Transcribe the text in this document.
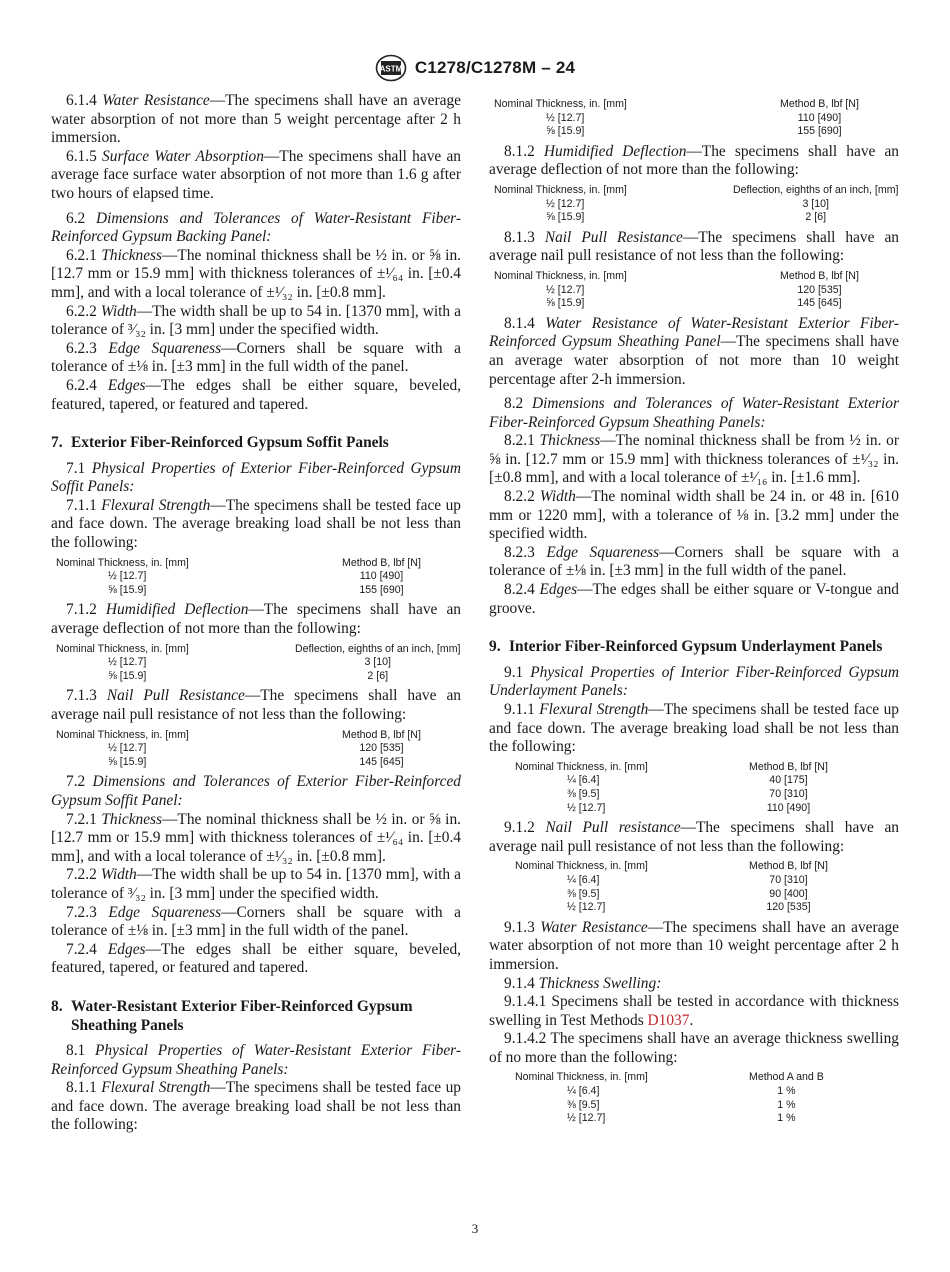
ASTM C1278/C1278M – 24

6.1.4 Water Resistance—The specimens shall have an average water absorption of not more than 5 weight percentage after 2 h immersion.

6.1.5 Surface Water Absorption—The specimens shall have an average face surface water absorption of not more than 1.6 g after two hours of elapsed time.

6.2 Dimensions and Tolerances of Water-Resistant Fiber-Reinforced Gypsum Backing Panel:

6.2.1 Thickness—The nominal thickness shall be ½ in. or ⅝ in. [12.7 mm or 15.9 mm] with thickness tolerances of ±¹⁄₆₄ in. [±0.4 mm], and with a local tolerance of ±¹⁄₃₂ in. [±0.8 mm].

6.2.2 Width—The width shall be up to 54 in. [1370 mm], with a tolerance of ³⁄₃₂ in. [3 mm] under the specified width.

6.2.3 Edge Squareness—Corners shall be square with a tolerance of ±⅛ in. [±3 mm] in the full width of the panel.

6.2.4 Edges—The edges shall be either square, beveled, featured, tapered, or featured and tapered.

7. Exterior Fiber-Reinforced Gypsum Soffit Panels

7.1 Physical Properties of Exterior Fiber-Reinforced Gypsum Soffit Panels:

7.1.1 Flexural Strength—The specimens shall be tested face up and face down. The average breaking load shall be not less than the following:

Nominal Thickness, in. [mm]	Method B, lbf [N]
½ [12.7]	110 [490]
⅝ [15.9]	155 [690]

7.1.2 Humidified Deflection—The specimens shall have an average deflection of not more than the following:

Nominal Thickness, in. [mm]	Deflection, eighths of an inch, [mm]
½ [12.7]	3 [10]
⅝ [15.9]	2 [6]

7.1.3 Nail Pull Resistance—The specimens shall have an average nail pull resistance of not less than the following:

Nominal Thickness, in. [mm]	Method B, lbf [N]
½ [12.7]	120 [535]
⅝ [15.9]	145 [645]

7.2 Dimensions and Tolerances of Exterior Fiber-Reinforced Gypsum Soffit Panel:

7.2.1 Thickness—The nominal thickness shall be ½ in. or ⅝ in. [12.7 mm or 15.9 mm] with thickness tolerances of ±¹⁄₆₄ in. [±0.4 mm], and with a local tolerance of ±¹⁄₃₂ in. [±0.8 mm].

7.2.2 Width—The width shall be up to 54 in. [1370 mm], with a tolerance of ³⁄₃₂ in. [3 mm] under the specified width.

7.2.3 Edge Squareness—Corners shall be square with a tolerance of ±⅛ in. [±3 mm] in the full width of the panel.

7.2.4 Edges—The edges shall be either square, beveled, featured, tapered, or featured and tapered.

8. Water-Resistant Exterior Fiber-Reinforced Gypsum Sheathing Panels

8.1 Physical Properties of Water-Resistant Exterior Fiber-Reinforced Gypsum Sheathing Panels:

8.1.1 Flexural Strength—The specimens shall be tested face up and face down. The average breaking load shall be not less than the following:

Nominal Thickness, in. [mm]	Method B, lbf [N]
½ [12.7]	110 [490]
⅝ [15.9]	155 [690]

8.1.2 Humidified Deflection—The specimens shall have an average deflection of not more than the following:

Nominal Thickness, in. [mm]	Deflection, eighths of an inch, [mm]
½ [12.7]	3 [10]
⅝ [15.9]	2 [6]

8.1.3 Nail Pull Resistance—The specimens shall have an average nail pull resistance of not less than the following:

Nominal Thickness, in. [mm]	Method B, lbf [N]
½ [12.7]	120 [535]
⅝ [15.9]	145 [645]

8.1.4 Water Resistance of Water-Resistant Exterior Fiber-Reinforced Gypsum Sheathing Panel—The specimens shall have an average water absorption of not more than 10 weight percentage after 2-h immersion.

8.2 Dimensions and Tolerances of Water-Resistant Exterior Fiber-Reinforced Gypsum Sheathing Panels:

8.2.1 Thickness—The nominal thickness shall be from ½ in. or ⅝ in. [12.7 mm or 15.9 mm] with thickness tolerances of ±¹⁄₃₂ in. [±0.8 mm], and with a local tolerance of ±¹⁄₁₆ in. [±1.6 mm].

8.2.2 Width—The nominal width shall be 24 in. or 48 in. [610 mm or 1220 mm], with a tolerance of ⅛ in. [3.2 mm] under the specified width.

8.2.3 Edge Squareness—Corners shall be square with a tolerance of ±⅛ in. [±3 mm] in the full width of the panel.

8.2.4 Edges—The edges shall be either square or V-tongue and groove.

9. Interior Fiber-Reinforced Gypsum Underlayment Panels

9.1 Physical Properties of Interior Fiber-Reinforced Gypsum Underlayment Panels:

9.1.1 Flexural Strength—The specimens shall be tested face up and face down. The average breaking load shall be not less than the following:

Nominal Thickness, in. [mm]	Method B, lbf [N]
¼ [6.4]	40 [175]
⅜ [9.5]	70 [310]
½ [12.7]	110 [490]

9.1.2 Nail Pull resistance—The specimens shall have an average nail pull resistance of not less than the following:

Nominal Thickness, in. [mm]	Method B, lbf [N]
¼ [6.4]	70 [310]
⅜ [9.5]	90 [400]
½ [12.7]	120 [535]

9.1.3 Water Resistance—The specimens shall have an average water absorption of not more than 10 weight percentage after 2 h immersion.

9.1.4 Thickness Swelling:

9.1.4.1 Specimens shall be tested in accordance with thickness swelling in Test Methods D1037.

9.1.4.2 The specimens shall have an average thickness swelling of no more than the following:

Nominal Thickness, in. [mm]	Method A and B
¼ [6.4]	1 %
⅜ [9.5]	1 %
½ [12.7]	1 %
3
